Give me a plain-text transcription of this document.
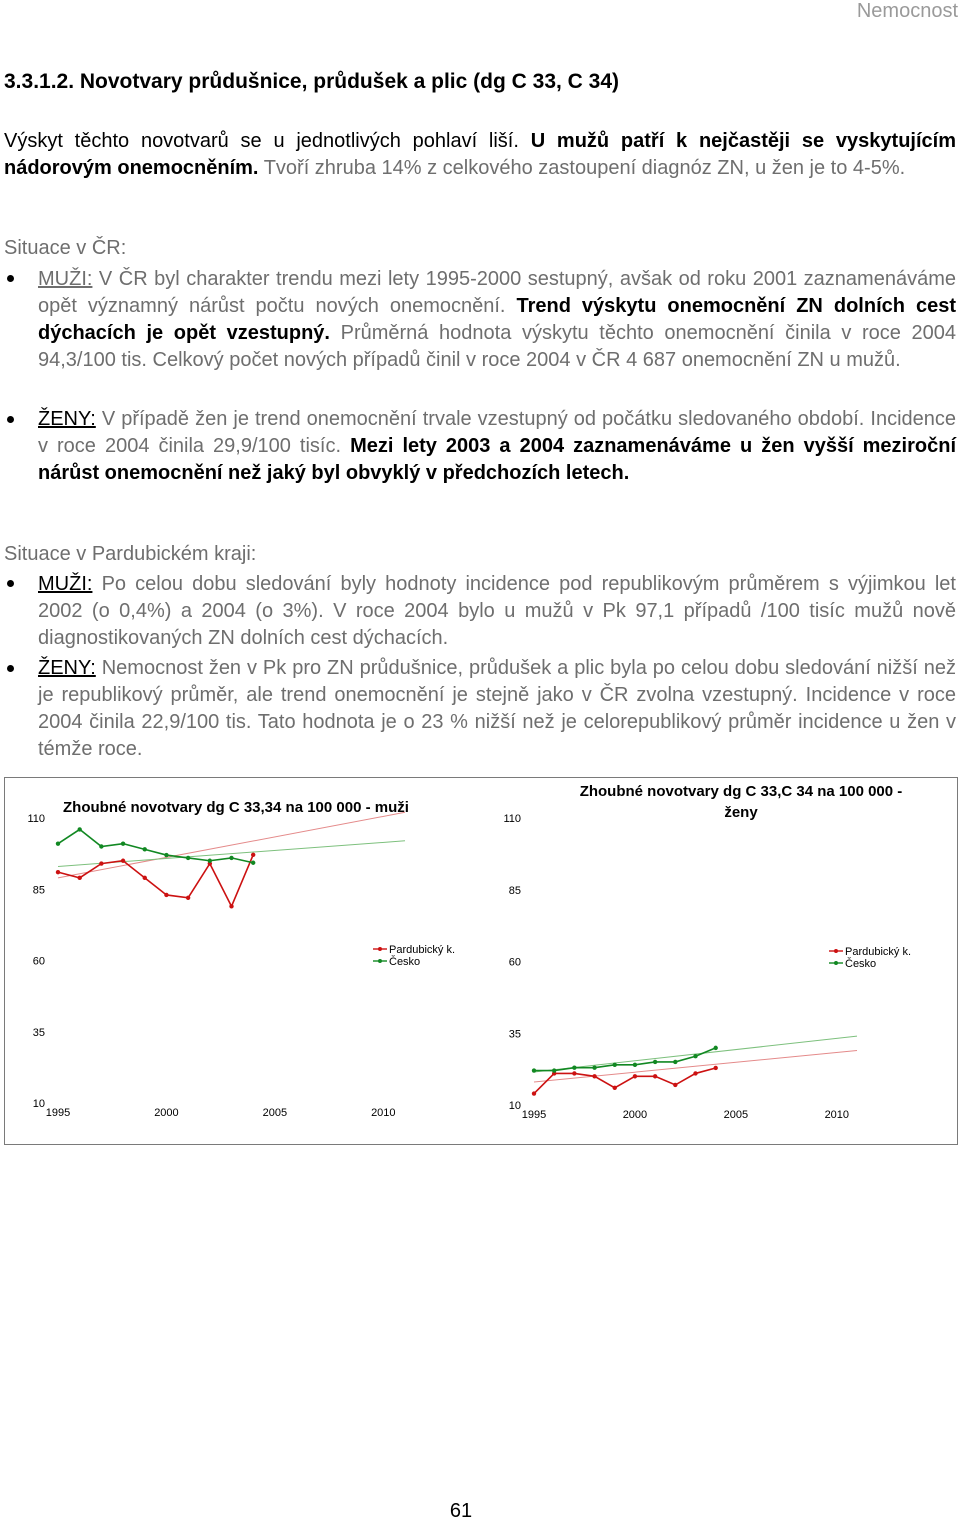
Nemocnost
3.3.1.2. Novotvary průdušnice, průdušek a plic (dg C 33, C 34)
Výskyt těchto novotvarů se u jednotlivých pohlaví liší. U mužů patří k nejčastěji se vyskytujícím nádorovým onemocněním. Tvoří zhruba 14% z celkového zastoupení diagnóz ZN, u žen je to 4-5%.
Situace v ČR:
MUŽI: V ČR byl charakter trendu mezi lety 1995-2000 sestupný, avšak od roku 2001 zaznamenáváme opět významný nárůst počtu nových onemocnění. Trend výskytu onemocnění ZN dolních cest dýchacích je opět vzestupný. Průměrná hodnota výskytu těchto onemocnění činila v roce 2004 94,3/100 tis. Celkový počet nových případů činil v roce 2004 v ČR 4 687 onemocnění ZN u mužů.
ŽENY: V případě žen je trend onemocnění trvale vzestupný od počátku sledovaného období. Incidence v roce 2004 činila 29,9/100 tisíc. Mezi lety 2003 a 2004 zaznamenáváme u žen vyšší meziroční nárůst onemocnění než jaký byl obvyklý v předchozích letech.
Situace v Pardubickém kraji:
MUŽI: Po celou dobu sledování byly hodnoty incidence pod republikovým průměrem s výjimkou let 2002 (o 0,4%) a 2004 (o 3%). V roce 2004 bylo u mužů v Pk 97,1 případů /100 tisíc mužů nově diagnostikovaných ZN dolních cest dýchacích.
ŽENY: Nemocnost žen v Pk pro ZN průdušnice, průdušek a plic byla po celou dobu sledování nižší než je republikový průměr, ale trend onemocnění je stejně jako v ČR zvolna vzestupný. Incidence v roce 2004 činila 22,9/100 tis. Tato hodnota je o 23 % nižší než je celorepublikový průměr incidence u žen v témže roce.
Zhoubné novotvary dg C 33,34 na 100 000 - muži
110
85
60
35
10
1995	2000	2005	2010
Pardubický k.
Česko
Zhoubné novotvary dg C 33,C 34 na 100 000 -
ženy
110
85
60
35
10
1995	2000	2005	2010
Pardubický k.
Česko
61
